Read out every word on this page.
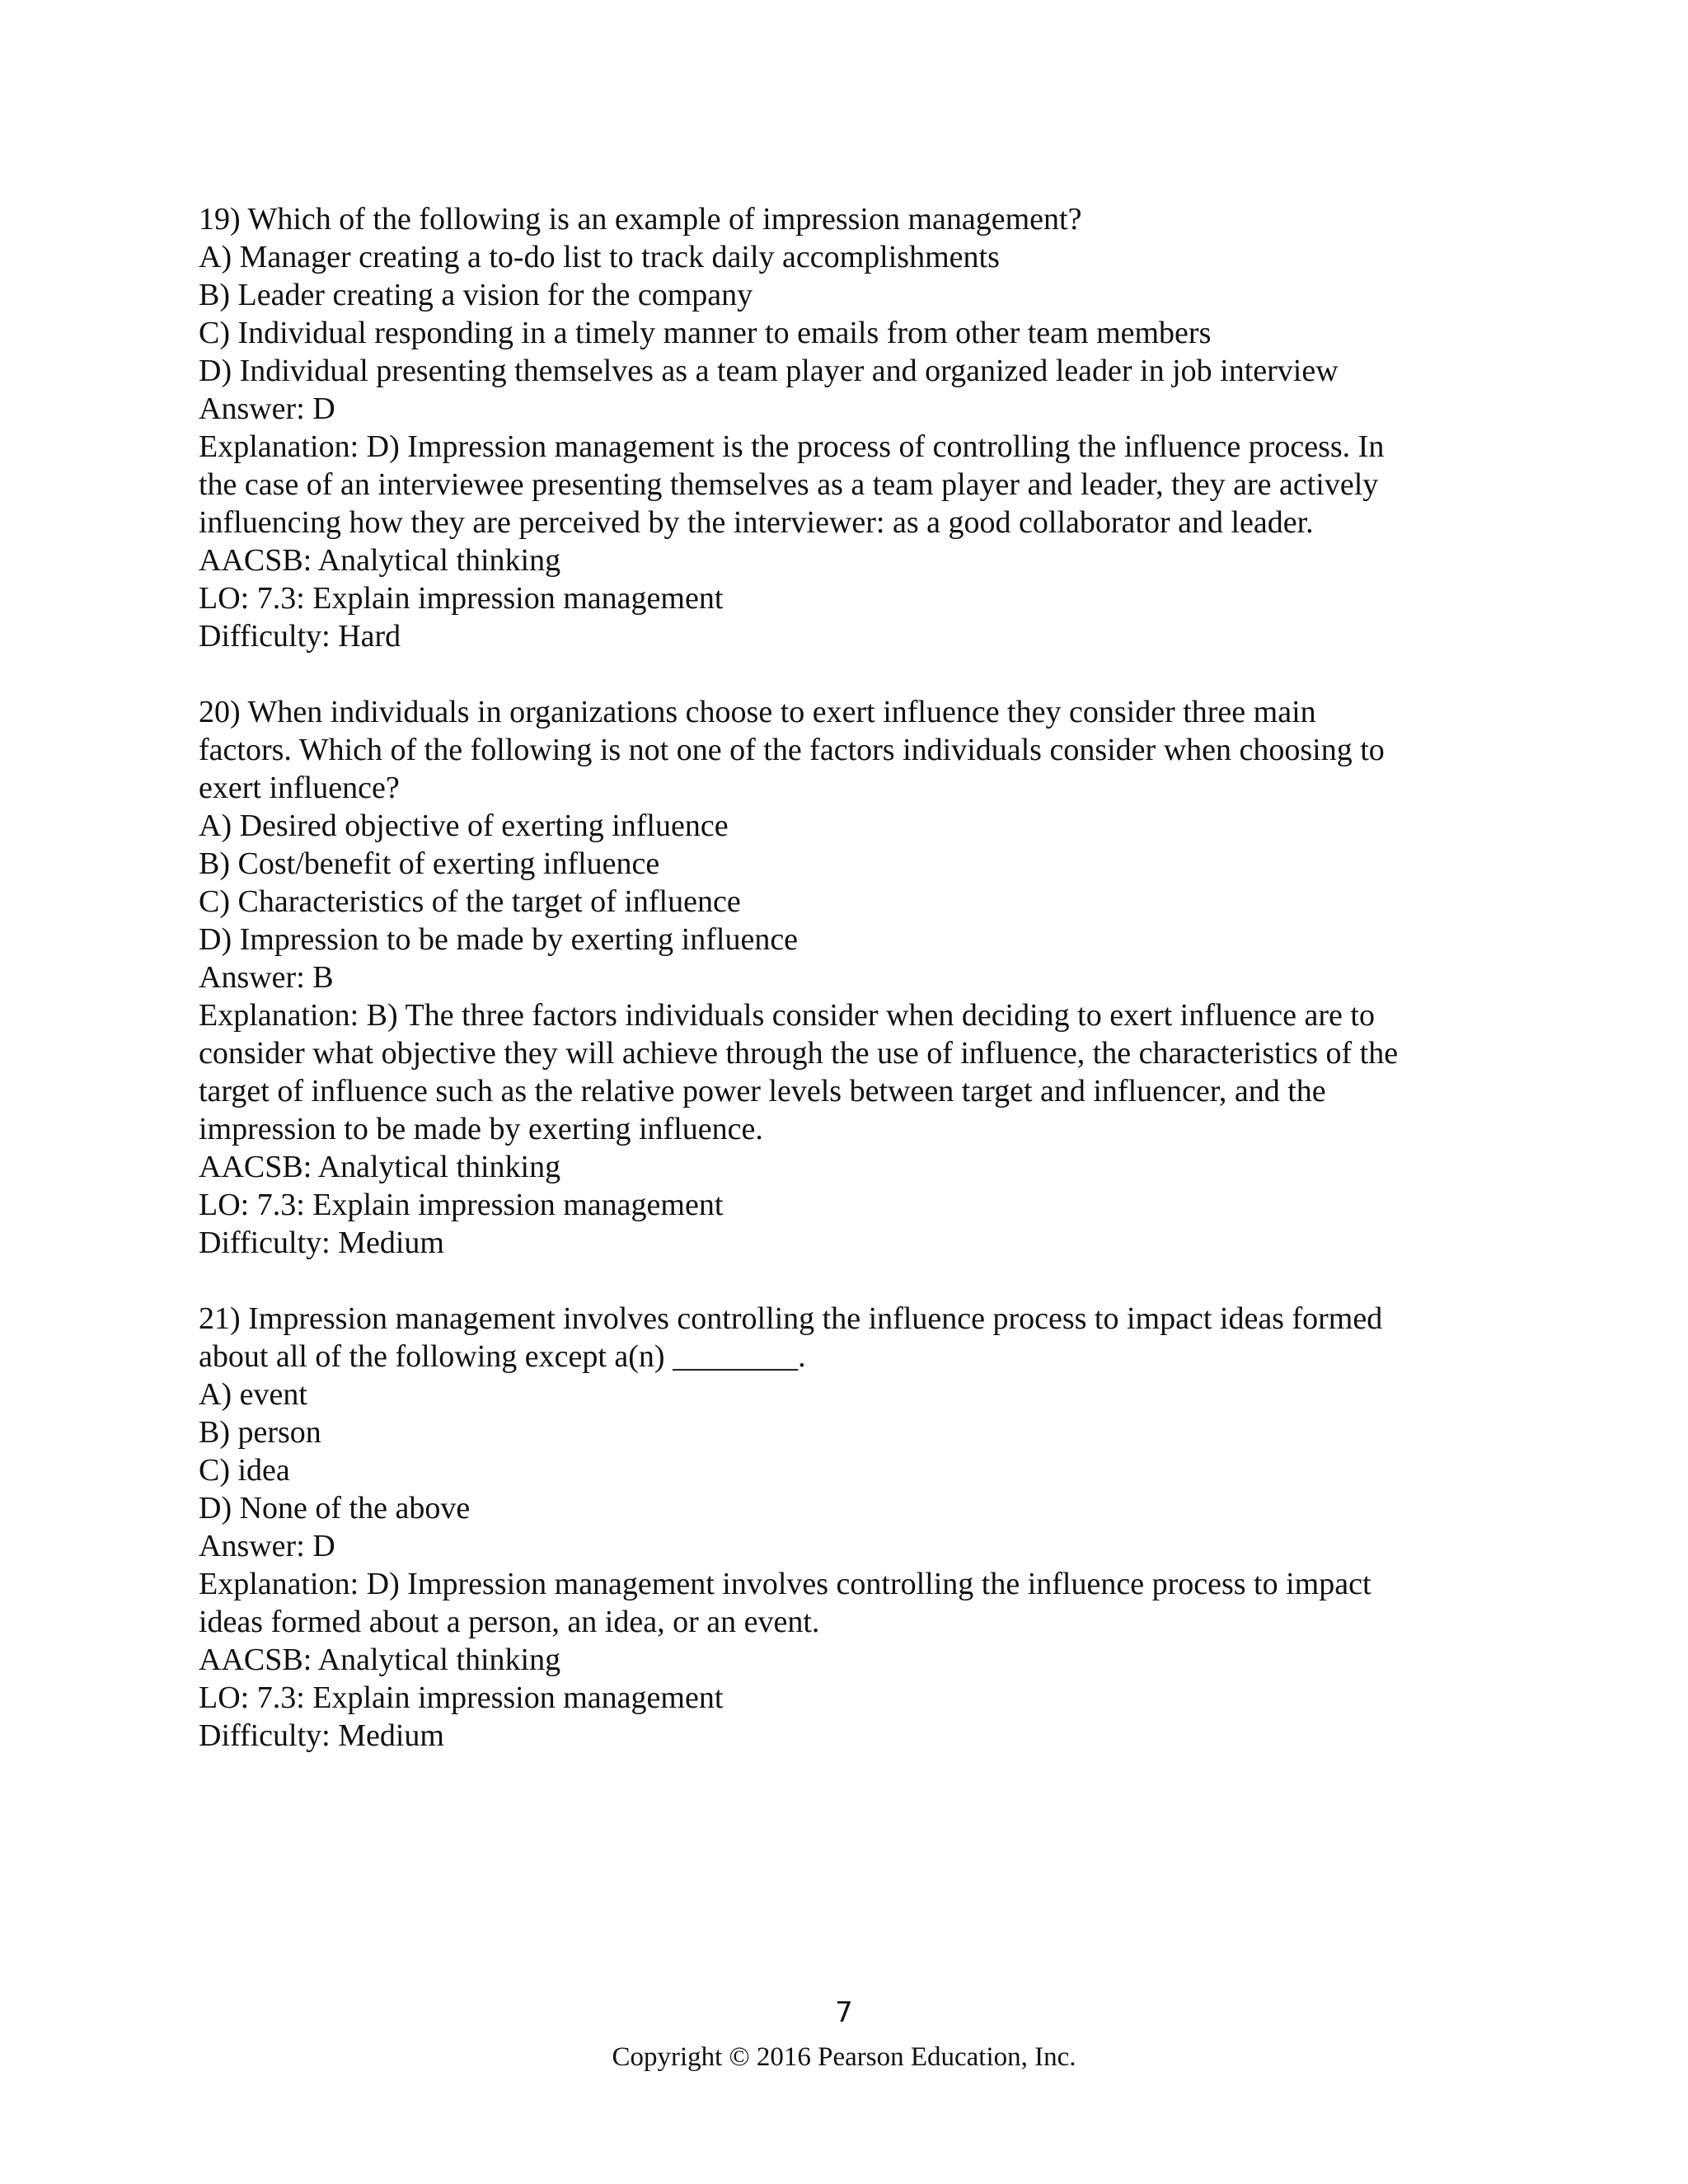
19) Which of the following is an example of impression management?
A) Manager creating a to-do list to track daily accomplishments
B) Leader creating a vision for the company
C) Individual responding in a timely manner to emails from other team members
D) Individual presenting themselves as a team player and organized leader in job interview
Answer: D
Explanation: D) Impression management is the process of controlling the influence process. In
the case of an interviewee presenting themselves as a team player and leader, they are actively
influencing how they are perceived by the interviewer: as a good collaborator and leader.
AACSB: Analytical thinking
LO: 7.3: Explain impression management
Difficulty: Hard
20) When individuals in organizations choose to exert influence they consider three main
factors. Which of the following is not one of the factors individuals consider when choosing to
exert influence?
A) Desired objective of exerting influence
B) Cost/benefit of exerting influence
C) Characteristics of the target of influence
D) Impression to be made by exerting influence
Answer: B
Explanation: B) The three factors individuals consider when deciding to exert influence are to
consider what objective they will achieve through the use of influence, the characteristics of the
target of influence such as the relative power levels between target and influencer, and the
impression to be made by exerting influence.
AACSB: Analytical thinking
LO: 7.3: Explain impression management
Difficulty: Medium
21) Impression management involves controlling the influence process to impact ideas formed
about all of the following except a(n) ________.
A) event
B) person
C) idea
D) None of the above
Answer: D
Explanation: D) Impression management involves controlling the influence process to impact
ideas formed about a person, an idea, or an event.
AACSB: Analytical thinking
LO: 7.3: Explain impression management
Difficulty: Medium
7
Copyright © 2016 Pearson Education, Inc.
